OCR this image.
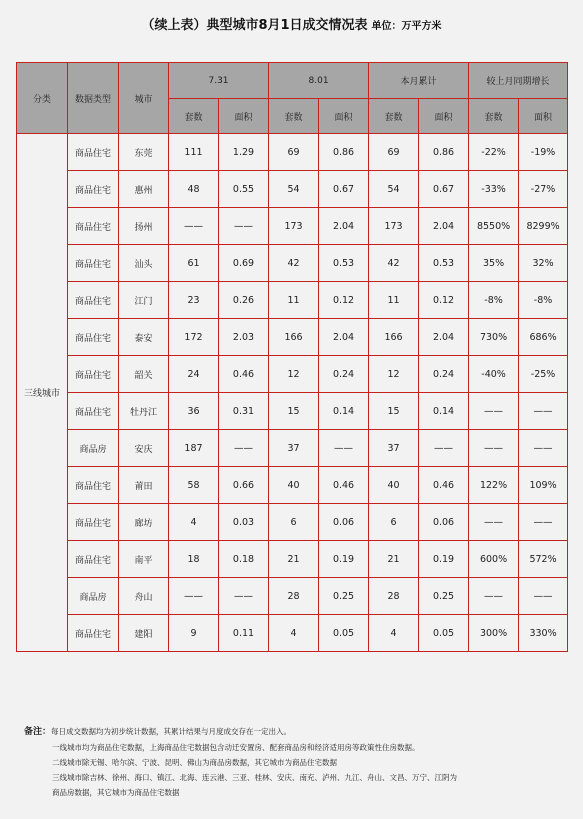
（续上表）典型城市8月1日成交情况表 单位：万平方米
分类	数据类型	城市	7.31		8.01		本月累计		较上月同期增长	
			套数	面积	套数	面积	套数	面积	套数	面积
三线城市	商品住宅	东莞	111	1.29	69	0.86	69	0.86	-22%	-19%
	商品住宅	惠州	48	0.55	54	0.67	54	0.67	-33%	-27%
	商品住宅	扬州	——	——	173	2.04	173	2.04	8550%	8299%
	商品住宅	汕头	61	0.69	42	0.53	42	0.53	35%	32%
	商品住宅	江门	23	0.26	11	0.12	11	0.12	-8%	-8%
	商品住宅	泰安	172	2.03	166	2.04	166	2.04	730%	686%
	商品住宅	韶关	24	0.46	12	0.24	12	0.24	-40%	-25%
	商品住宅	牡丹江	36	0.31	15	0.14	15	0.14	——	——
	商品房	安庆	187	——	37	——	37	——	——	——
	商品住宅	莆田	58	0.66	40	0.46	40	0.46	122%	109%
	商品住宅	廊坊	4	0.03	6	0.06	6	0.06	——	——
	商品住宅	南平	18	0.18	21	0.19	21	0.19	600%	572%
	商品房	舟山	——	——	28	0.25	28	0.25	——	——
	商品住宅	建阳	9	0.11	4	0.05	4	0.05	300%	330%
备注：每日成交数据均为初步统计数据，其累计结果与月度成交存在一定出入。
一线城市均为商品住宅数据，上海商品住宅数据包含动迁安置房、配套商品房和经济适用房等政策性住房数据。
二线城市除无锡、哈尔滨、宁波、昆明、佛山为商品房数据，其它城市为商品住宅数据
三线城市除吉林、徐州、海口、镇江、北海、连云港、三亚、桂林、安庆、南充、泸州、九江、舟山、文昌、万宁、江阴为
商品房数据，其它城市为商品住宅数据
